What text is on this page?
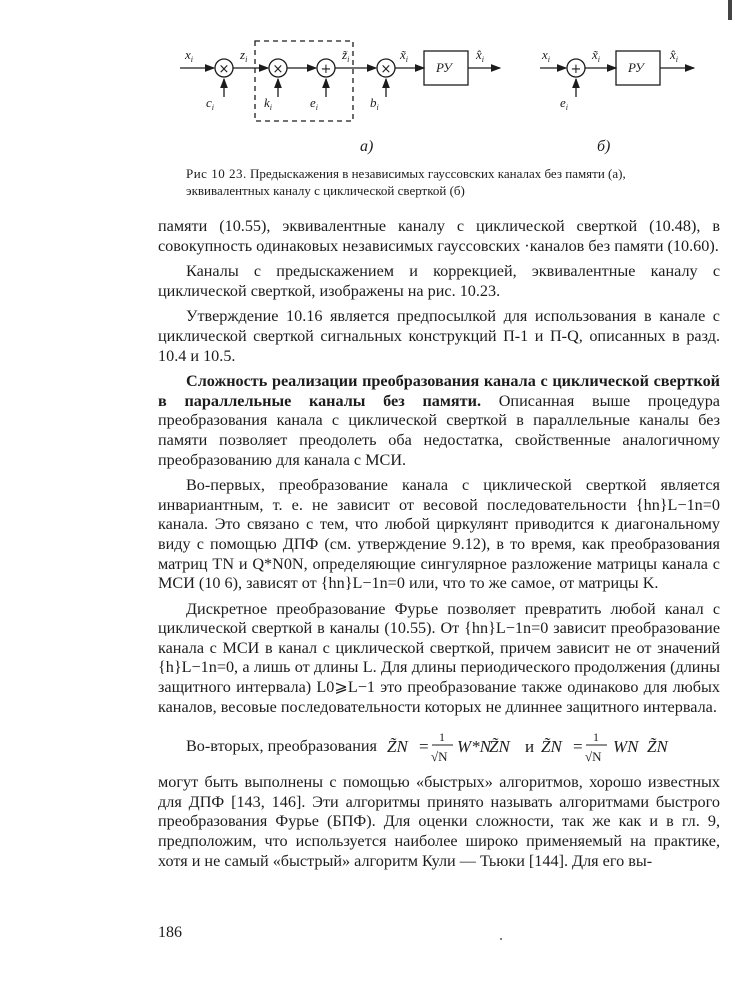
×	×	+	×	+
$x_i$	$z_i$	$z̃_i$	$x̃_i$	$x̂_i$
$c_i$	$k_i$	$e_i$	$b_i$
РУ
$x_i$	$x̃_i$	$x̂_i$
$e_i$
РУ
а)	б)
Рис 10 23. Предыскажения в независимых гауссовских каналах без памяти (а), эквивалентных каналу с циклической сверткой (б)

памяти (10.55), эквивалентные каналу с циклической сверткой (10.48), в совокупность одинаковых независимых гауссовских ·каналов без памяти (10.60).

Каналы с предыскажением и коррекцией, эквивалентные каналу с циклической сверткой, изображены на рис. 10.23.

Утверждение 10.16 является предпосылкой для использования в канале с циклической сверткой сигнальных конструкций П-1 и П-Q, описанных в разд. 10.4 и 10.5.

Сложность реализации преобразования канала с циклической сверткой в параллельные каналы без памяти. Описанная выше процедура преобразования канала с циклической сверткой в параллельные каналы без памяти позволяет преодолеть оба недостатка, свойственные аналогичному преобразованию для канала с МСИ.

Во-первых, преобразование канала с циклической сверткой является инвариантным, т. е. не зависит от весовой последовательности {hn}L−1n=0 канала. Это связано с тем, что любой циркулянт приводится к диагональному виду с помощью ДПФ (см. утверждение 9.12), в то время, как преобразования матриц TN и Q*N0N, определяющие сингулярное разложение матрицы канала с МСИ (10 6), зависят от {hn}L−1n=0 или, что то же самое, от матрицы K.

Дискретное преобразование Фурье позволяет превратить любой канал с циклической сверткой в каналы (10.55). От {hn}L−1n=0 зависит преобразование канала с МСИ в канал с циклической сверткой, причем зависит не от значений {h}L−1n=0, а лишь от длины L. Для длины периодического продолжения (длины защитного интервала) L0⩾L−1 это преобразование также одинаково для любых каналов, весовые последовательности которых не длиннее защитного интервала.

Во-вторых, преобразования Z̃N = 1
√N
W*N
Z̃N и Z̃N = 1
√N
WN Z̃N

могут быть выполнены с помощью «быстрых» алгоритмов, хорошо известных для ДПФ [143, 146]. Эти алгоритмы принято называть алгоритмами быстрого преобразования Фурье (БПФ). Для оценки сложности, так же как и в гл. 9, предположим, что используется наиболее широко применяемый на практике, хотя и не самый «быстрый» алгоритм Кули — Тьюки [144]. Для его вы-

186
